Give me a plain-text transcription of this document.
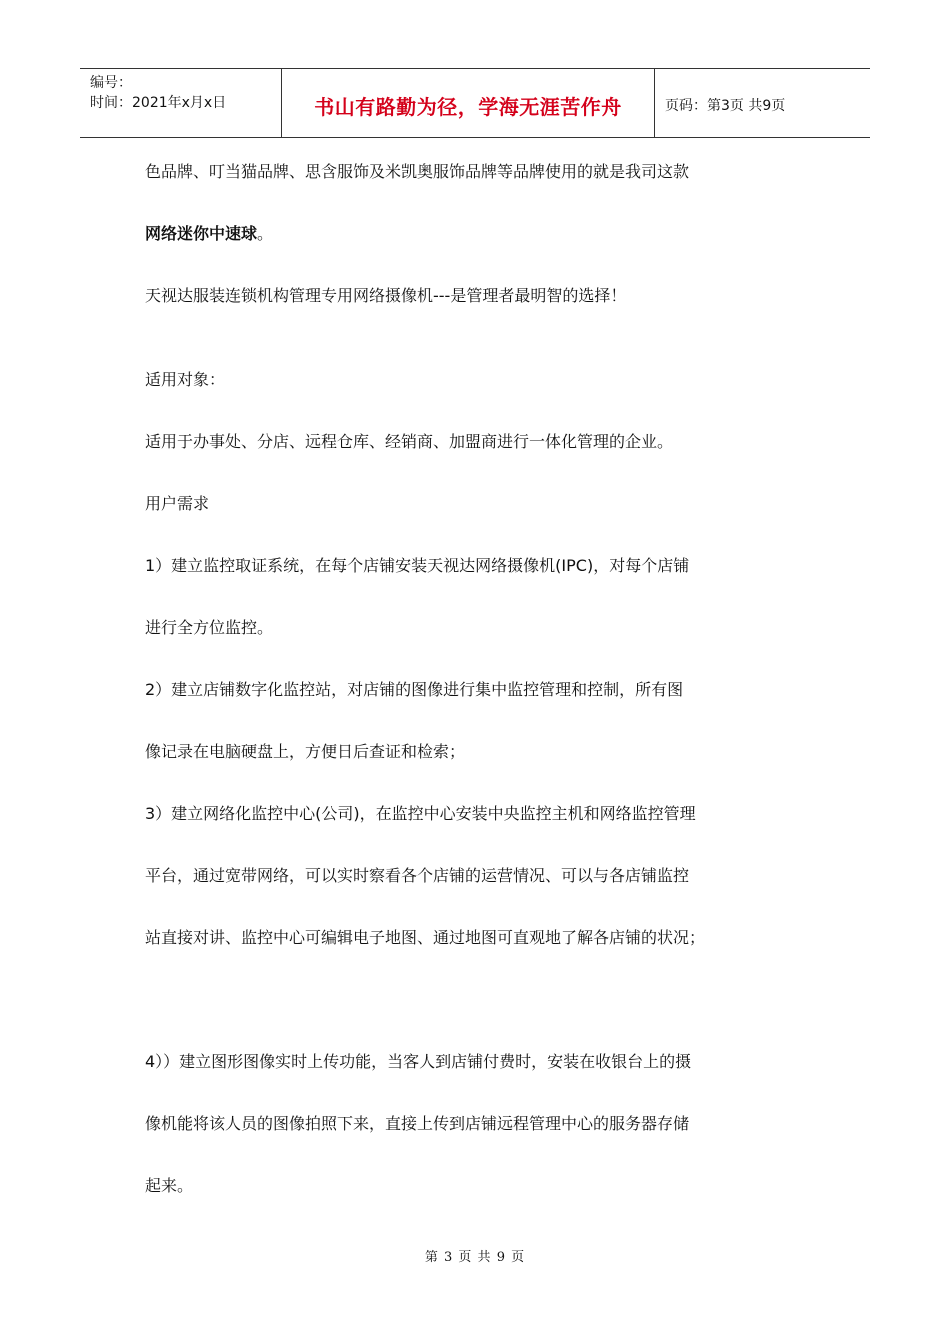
编号：
时间：2021年x月x日	书山有路勤为径，学海无涯苦作舟	页码：第3页 共9页
色品牌、叮当猫品牌、思含服饰及米凯奥服饰品牌等品牌使用的就是我司这款
网络迷你中速球。
天视达服装连锁机构管理专用网络摄像机---是管理者最明智的选择！
适用对象：
适用于办事处、分店、远程仓库、经销商、加盟商进行一体化管理的企业。
用户需求
1）建立监控取证系统，在每个店铺安装天视达网络摄像机(IPC)，对每个店铺
进行全方位监控。
2）建立店铺数字化监控站，对店铺的图像进行集中监控管理和控制，所有图
像记录在电脑硬盘上，方便日后查证和检索；
3）建立网络化监控中心(公司)，在监控中心安装中央监控主机和网络监控管理
平台，通过宽带网络，可以实时察看各个店铺的运营情况、可以与各店铺监控
站直接对讲、监控中心可编辑电子地图、通过地图可直观地了解各店铺的状况；
4））建立图形图像实时上传功能，当客人到店铺付费时，安装在收银台上的摄
像机能将该人员的图像拍照下来，直接上传到店铺远程管理中心的服务器存储
起来。
第 3 页 共 9 页
